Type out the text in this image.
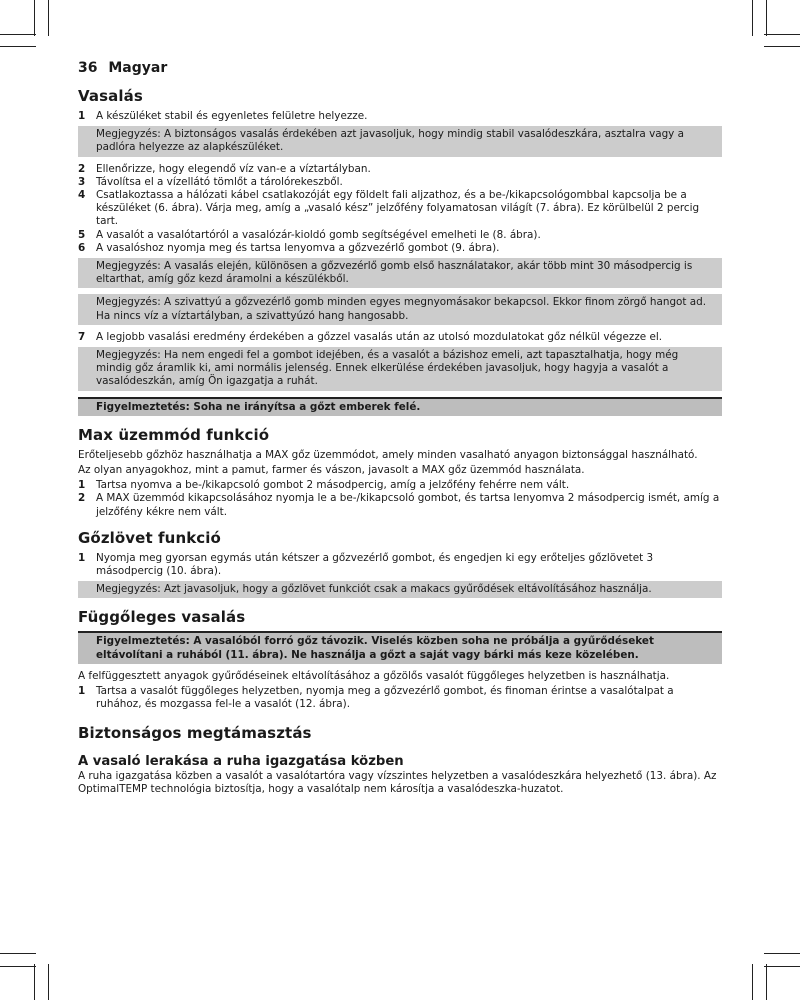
36 Magyar
Vasalás
1	A készüléket stabil és egyenletes felületre helyezze.
Megjegyzés: A biztonságos vasalás érdekében azt javasoljuk, hogy mindig stabil vasalódeszkára, asztalra vagy a padlóra helyezze az alapkészüléket.
2	Ellenőrizze, hogy elegendő víz van-e a víztartályban.
3	Távolítsa el a vízellátó tömlőt a tárolórekeszből.
4	Csatlakoztassa a hálózati kábel csatlakozóját egy földelt fali aljzathoz, és a be-/kikapcsológombbal kapcsolja be a készüléket (6. ábra). Várja meg, amíg a „vasaló kész” jelzőfény folyamatosan világít (7. ábra). Ez körülbelül 2 percig tart.
5	A vasalót a vasalótartóról a vasalózár-kioldó gomb segítségével emelheti le (8. ábra).
6	A vasalóshoz nyomja meg és tartsa lenyomva a gőzvezérlő gombot (9. ábra).
Megjegyzés: A vasalás elején, különösen a gőzvezérlő gomb első használatakor, akár több mint 30 másodpercig is eltarthat, amíg gőz kezd áramolni a készülékből.
Megjegyzés: A szivattyú a gőzvezérlő gomb minden egyes megnyomásakor bekapcsol. Ekkor finom zörgő hangot ad. Ha nincs víz a víztartályban, a szivattyúzó hang hangosabb.
7	A legjobb vasalási eredmény érdekében a gőzzel vasalás után az utolsó mozdulatokat gőz nélkül végezze el.
Megjegyzés: Ha nem engedi fel a gombot idejében, és a vasalót a bázishoz emeli, azt tapasztalhatja, hogy még mindig gőz áramlik ki, ami normális jelenség. Ennek elkerülése érdekében javasoljuk, hogy hagyja a vasalót a vasalódeszkán, amíg Ön igazgatja a ruhát.
Figyelmeztetés: Soha ne irányítsa a gőzt emberek felé.
Max üzemmód funkció
Erőteljesebb gőzhöz használhatja a MAX gőz üzemmódot, amely minden vasalható anyagon biztonsággal használható.
Az olyan anyagokhoz, mint a pamut, farmer és vászon, javasolt a MAX gőz üzemmód használata.
1	Tartsa nyomva a be-/kikapcsoló gombot 2 másodpercig, amíg a jelzőfény fehérre nem vált.
2	A MAX üzemmód kikapcsolásához nyomja le a be-/kikapcsoló gombot, és tartsa lenyomva 2 másodpercig ismét, amíg a jelzőfény kékre nem vált.
Gőzlövet funkció
1	Nyomja meg gyorsan egymás után kétszer a gőzvezérlő gombot, és engedjen ki egy erőteljes gőzlövetet 3 másodpercig (10. ábra).
Megjegyzés: Azt javasoljuk, hogy a gőzlövet funkciót csak a makacs gyűrődések eltávolításához használja.
Függőleges vasalás
Figyelmeztetés: A vasalóból forró gőz távozik. Viselés közben soha ne próbálja a gyűrődéseket eltávolítani a ruhából (11. ábra). Ne használja a gőzt a saját vagy bárki más keze közelében.
A felfüggesztett anyagok gyűrődéseinek eltávolításához a gőzölős vasalót függőleges helyzetben is használhatja.
1	Tartsa a vasalót függőleges helyzetben, nyomja meg a gőzvezérlő gombot, és finoman érintse a vasalótalpat a ruhához, és mozgassa fel-le a vasalót (12. ábra).
Biztonságos megtámasztás
A vasaló lerakása a ruha igazgatása közben
A ruha igazgatása közben a vasalót a vasalótartóra vagy vízszintes helyzetben a vasalódeszkára helyezhető (13. ábra). Az OptimalTEMP technológia biztosítja, hogy a vasalótalp nem károsítja a vasalódeszka-huzatot.
